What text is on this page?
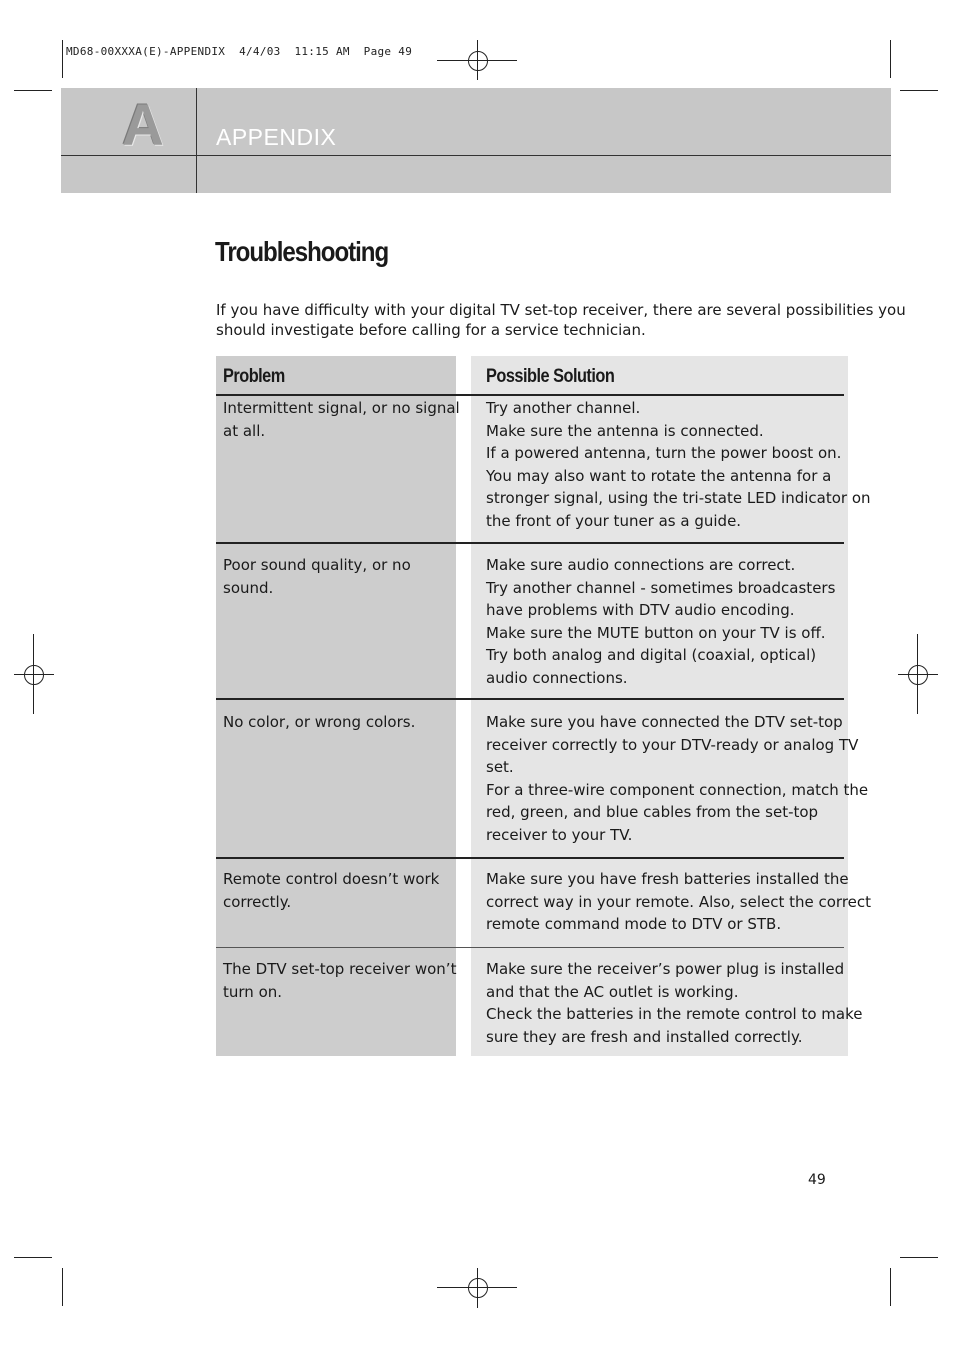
MD68-00XXXA(E)-APPENDIX  4/4/03  11:15 AM  Page 49
A APPENDIX
Troubleshooting
If you have difficulty with your digital TV set-top receiver, there are several possibilities you
should investigate before calling for a service technician.
Problem	Possible Solution
Intermittent signal, or no signal
at all.
Try another channel.
Make sure the antenna is connected.
If a powered antenna, turn the power boost on.
You may also want to rotate the antenna for a
stronger signal, using the tri-state LED indicator on
the front of your tuner as a guide.
Poor sound quality, or no
sound.
Make sure audio connections are correct.
Try another channel - sometimes broadcasters
have problems with DTV audio encoding.
Make sure the MUTE button on your TV is off.
Try both analog and digital (coaxial, optical)
audio connections.
No color, or wrong colors.	Make sure you have connected the DTV set-top
receiver correctly to your DTV-ready or analog TV
set.
For a three-wire component connection, match the
red, green, and blue cables from the set-top
receiver to your TV.
Remote control doesn’t work
correctly.
Make sure you have fresh batteries installed the
correct way in your remote. Also, select the correct
remote command mode to DTV or STB.
The DTV set-top receiver won’t
turn on.
Make sure the receiver’s power plug is installed
and that the AC outlet is working.
Check the batteries in the remote control to make
sure they are fresh and installed correctly.
49
